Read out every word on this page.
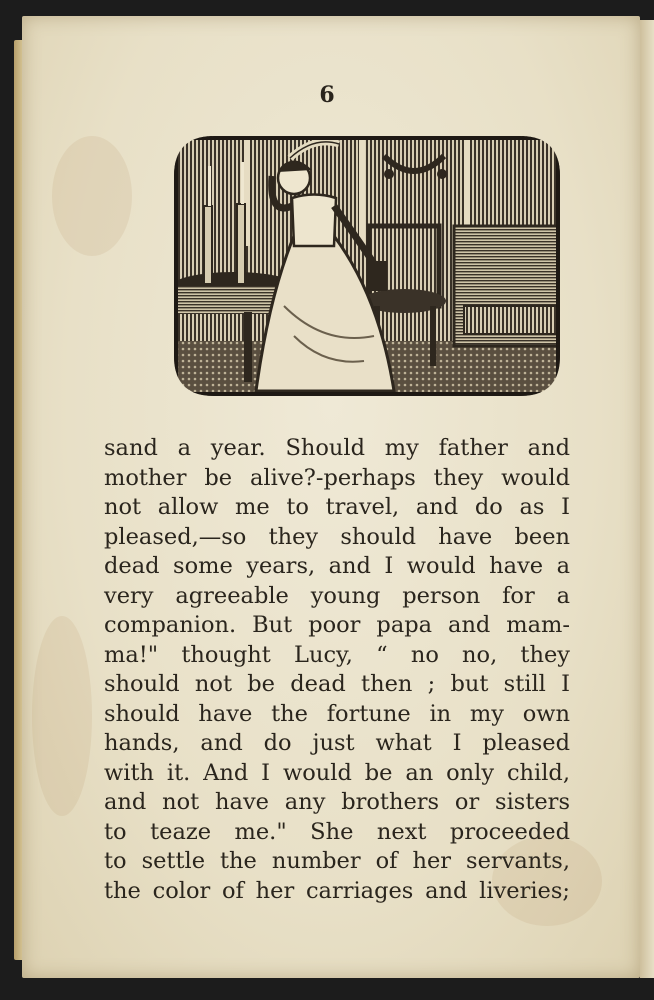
6
sand a year. Should my father and
mother be alive?-perhaps they would
not allow me to travel, and do as I
pleased,—so they should have been
dead some years, and I would have a
very agreeable young person for a
companion. But poor papa and mam-
ma!" thought Lucy, “ no no, they
should not be dead then ; but still I
should have the fortune in my own
hands, and do just what I pleased
with it. And I would be an only child,
and not have any brothers or sisters
to teaze me." She next proceeded
to settle the number of her servants,
the color of her carriages and liveries;
